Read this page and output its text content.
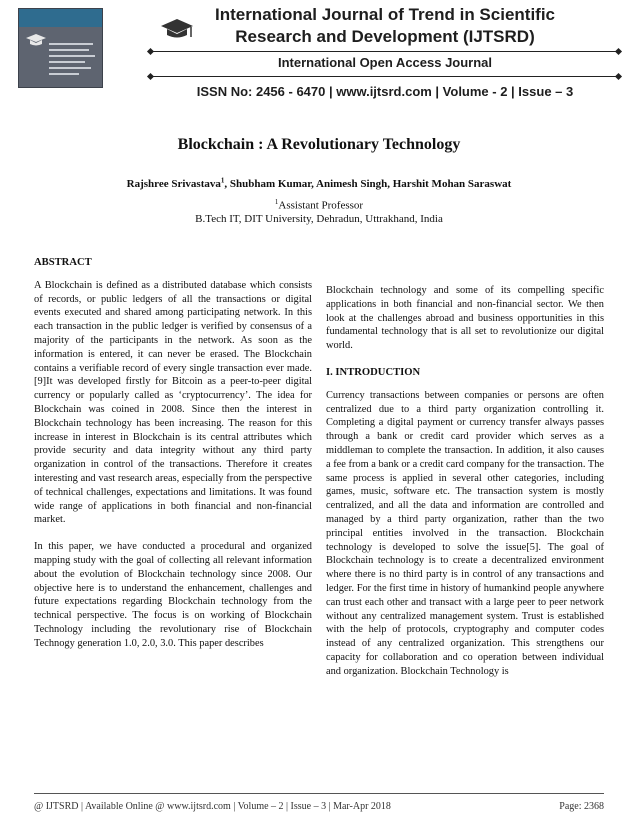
International Journal of Trend in Scientific
Research and Development (IJTSRD)
International Open Access Journal
ISSN No: 2456 - 6470 | www.ijtsrd.com | Volume - 2 | Issue – 3
Blockchain : A Revolutionary Technology
Rajshree Srivastava$^1$, Shubham Kumar, Animesh Singh, Harshit Mohan Saraswat
$^1$Assistant Professor
B.Tech IT, DIT University, Dehradun, Uttrakhand, India
ABSTRACT

A Blockchain is defined as a distributed database which consists of records, or public ledgers of all the transactions or digital events executed and shared among participating network. In this each transaction in the public ledger is verified by consensus of a majority of the participants in the network. As soon as the information is entered, it can never be erased. The Blockchain contains a verifiable record of every single transaction ever made. [9]It was developed firstly for Bitcoin as a peer-to-peer digital currency or popularly called as ‘cryptocurrency’. The idea for Blockchain was coined in 2008. Since then the interest in Blockchain technology has been increasing. The reason for this increase in interest in Blockchain is its central attributes which provide security and data integrity without any third party organization in control of the transactions. Therefore it creates interesting and vast research areas, especially from the perspective of technical challenges, expectations and limitations. It was found wide range of applications in both financial and non-financial market.

In this paper, we have conducted a procedural and organized mapping study with the goal of collecting all relevant information about the evolution of Blockchain technology since 2008. Our objective here is to understand the enhancement, challenges and future expectations regarding Blockchain technology from the technical perspective. The focus is on working of Blockchain Technology including the revolutionary rise of Blockchain Technogy generation 1.0, 2.0, 3.0. This paper describes

Blockchain technology and some of its compelling specific applications in both financial and non-financial sector. We then look at the challenges abroad and business opportunities in this fundamental technology that is all set to revolutionize our digital world.

I. INTRODUCTION

Currency transactions between companies or persons are often centralized due to a third party organization controlling it. Completing a digital payment or currency transfer always passes through a bank or credit card provider which serves as a middleman to complete the transaction. In addition, it also causes a fee from a bank or a credit card company for the transaction. The same process is applied in several other categories, including games, music, software etc. The transaction system is mostly centralized, and all the data and information are controlled and managed by a third party organization, rather than the two principal entities involved in the transaction. Blockchain technology is developed to solve the issue[5]. The goal of Blockchain technology is to create a decentralized environment where there is no third party is in control of any transactions and ledger. For the first time in history of humankind people anywhere can trust each other and transact with a large peer to peer network without any centralized management system. Trust is established with the help of protocols, cryptography and computer codes instead of any centralized organization. This strengthens our capacity for collaboration and co operation between individual and organization. Blockchain Technology is

@ IJTSRD | Available Online @ www.ijtsrd.com | Volume – 2 | Issue – 3 | Mar-Apr 2018	Page: 2368
